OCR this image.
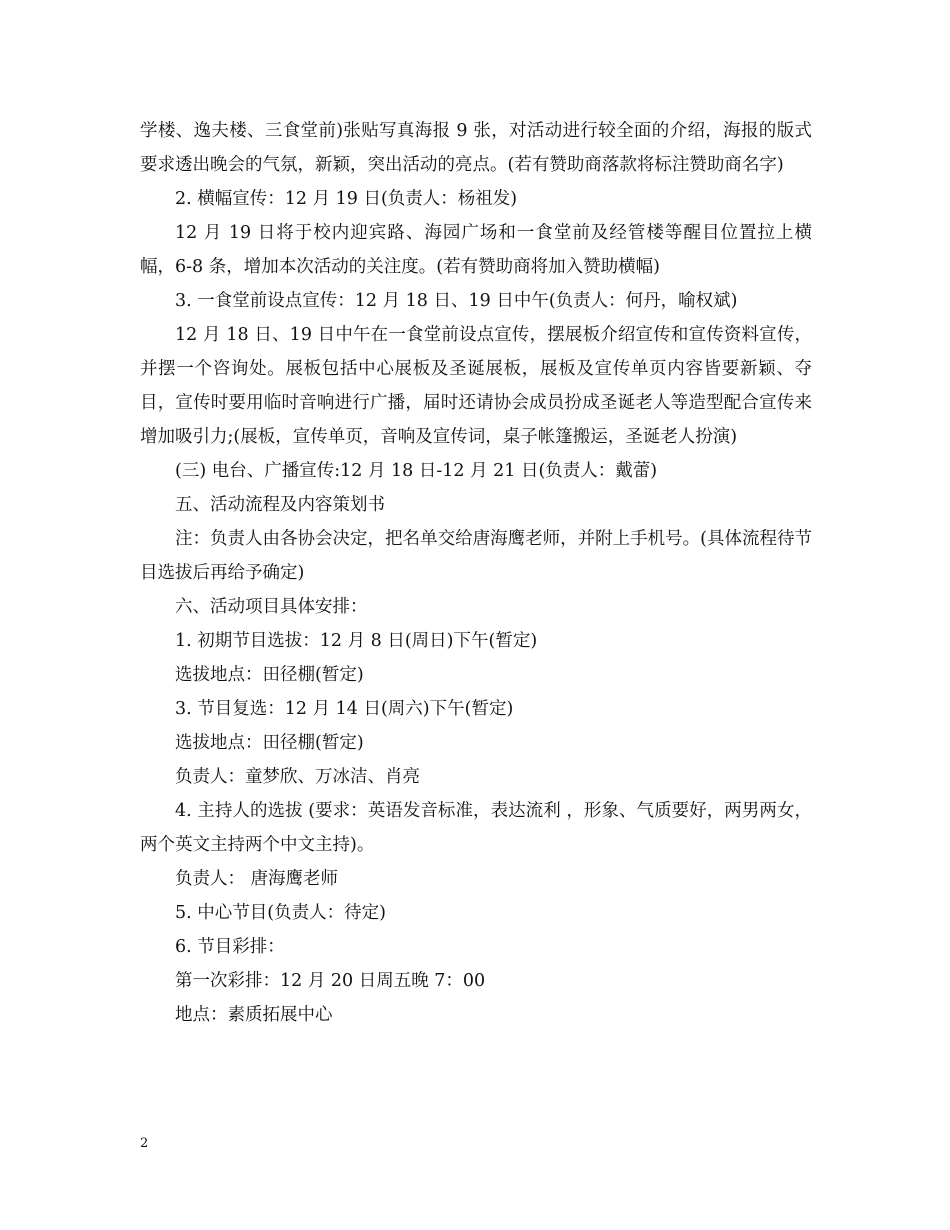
学楼、逸夫楼、三食堂前)张贴写真海报 9 张，对活动进行较全面的介绍，海报的版式要求透出晚会的气氛，新颖，突出活动的亮点。(若有赞助商落款将标注赞助商名字)

2. 横幅宣传：12 月 19 日(负责人：杨祖发)

12 月 19 日将于校内迎宾路、海园广场和一食堂前及经管楼等醒目位置拉上横幅，6-8 条，增加本次活动的关注度。(若有赞助商将加入赞助横幅)

3. 一食堂前设点宣传：12 月 18 日、19 日中午(负责人：何丹，喻权斌)

12 月 18 日、19 日中午在一食堂前设点宣传，摆展板介绍宣传和宣传资料宣传，并摆一个咨询处。展板包括中心展板及圣诞展板，展板及宣传单页内容皆要新颖、夺目，宣传时要用临时音响进行广播，届时还请协会成员扮成圣诞老人等造型配合宣传来增加吸引力;(展板，宣传单页，音响及宣传词，桌子帐篷搬运，圣诞老人扮演)

(三) 电台、广播宣传:12 月 18 日-12 月 21 日(负责人：戴蕾)

五、活动流程及内容策划书

注：负责人由各协会决定，把名单交给唐海鹰老师，并附上手机号。(具体流程待节目选拔后再给予确定)

六、活动项目具体安排：

1. 初期节目选拔：12 月 8 日(周日)下午(暂定)

选拔地点：田径棚(暂定)

3. 节目复选：12 月 14 日(周六)下午(暂定)

选拔地点：田径棚(暂定)

负责人：童梦欣、万冰洁、肖亮

4. 主持人的选拔 (要求：英语发音标准，表达流利 ，形象、气质要好，两男两女，两个英文主持两个中文主持)。

负责人： 唐海鹰老师

5. 中心节目(负责人：待定)

6. 节目彩排：

第一次彩排：12 月 20 日周五晚 7：00

地点：素质拓展中心

2
